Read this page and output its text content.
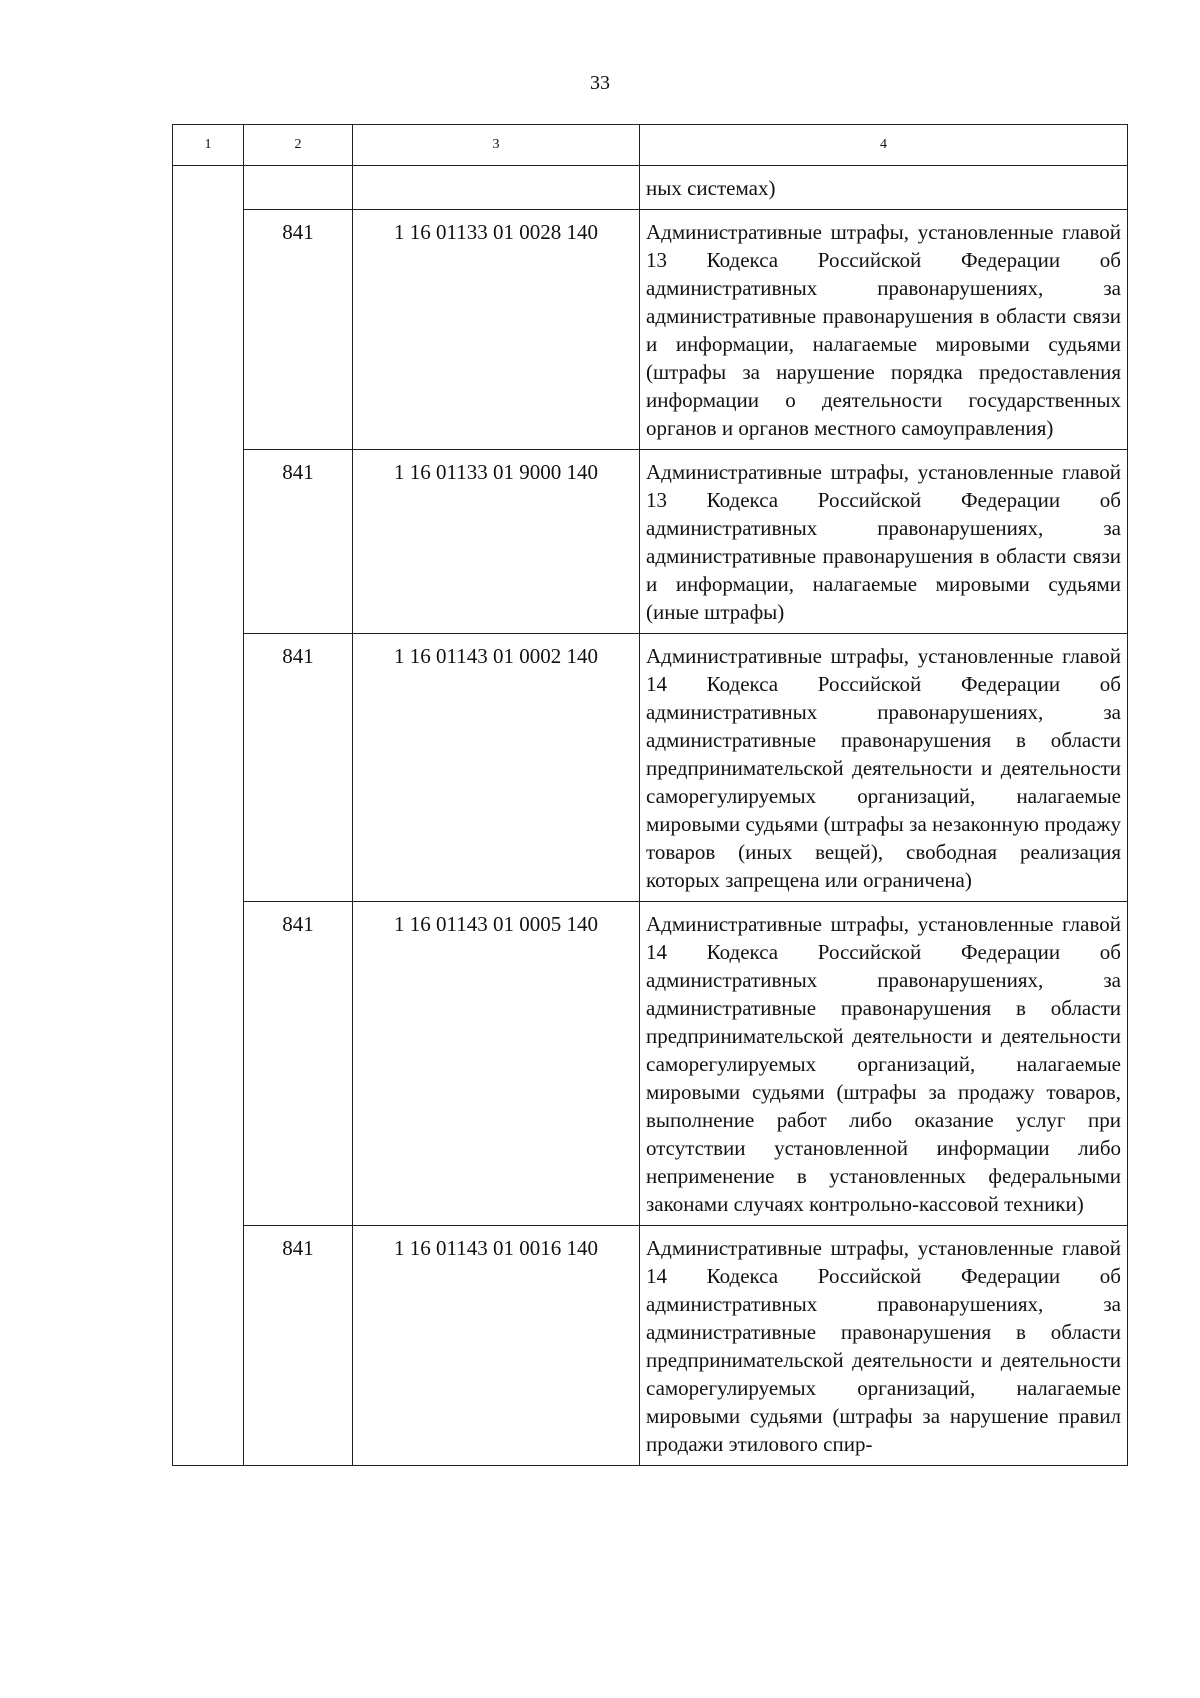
33
1	2	3	4

			ных системах)

	841	1 16 01133 01 0028 140	Административные штрафы, установленные главой 13 Кодекса Российской Федерации об административных правонарушениях, за административные правонарушения в области связи и информации, налагаемые мировыми судьями (штрафы за нарушение порядка предоставления информации о деятельности государственных органов и органов местного самоуправления)

	841	1 16 01133 01 9000 140	Административные штрафы, установленные главой 13 Кодекса Российской Федерации об административных правонарушениях, за административные правонарушения в области связи и информации, налагаемые мировыми судьями (иные штрафы)

	841	1 16 01143 01 0002 140	Административные штрафы, установленные главой 14 Кодекса Российской Федерации об административных правонарушениях, за административные правонарушения в области предпринимательской деятельности и деятельности саморегулируемых организаций, налагаемые мировыми судьями (штрафы за незаконную продажу товаров (иных вещей), свободная реализация которых запрещена или ограничена)

	841	1 16 01143 01 0005 140	Административные штрафы, установленные главой 14 Кодекса Российской Федерации об административных правонарушениях, за административные правонарушения в области предпринимательской деятельности и деятельности саморегулируемых организаций, налагаемые мировыми судьями (штрафы за продажу товаров, выполнение работ либо оказание услуг при отсутствии установленной информации либо неприменение в установленных федеральными законами случаях контрольно-кассовой техники)

	841	1 16 01143 01 0016 140	Административные штрафы, установленные главой 14 Кодекса Российской Федерации об административных правонарушениях, за административные правонарушения в области предпринимательской деятельности и деятельности саморегулируемых организаций, налагаемые мировыми судьями (штрафы за нарушение правил продажи этилового спир-
